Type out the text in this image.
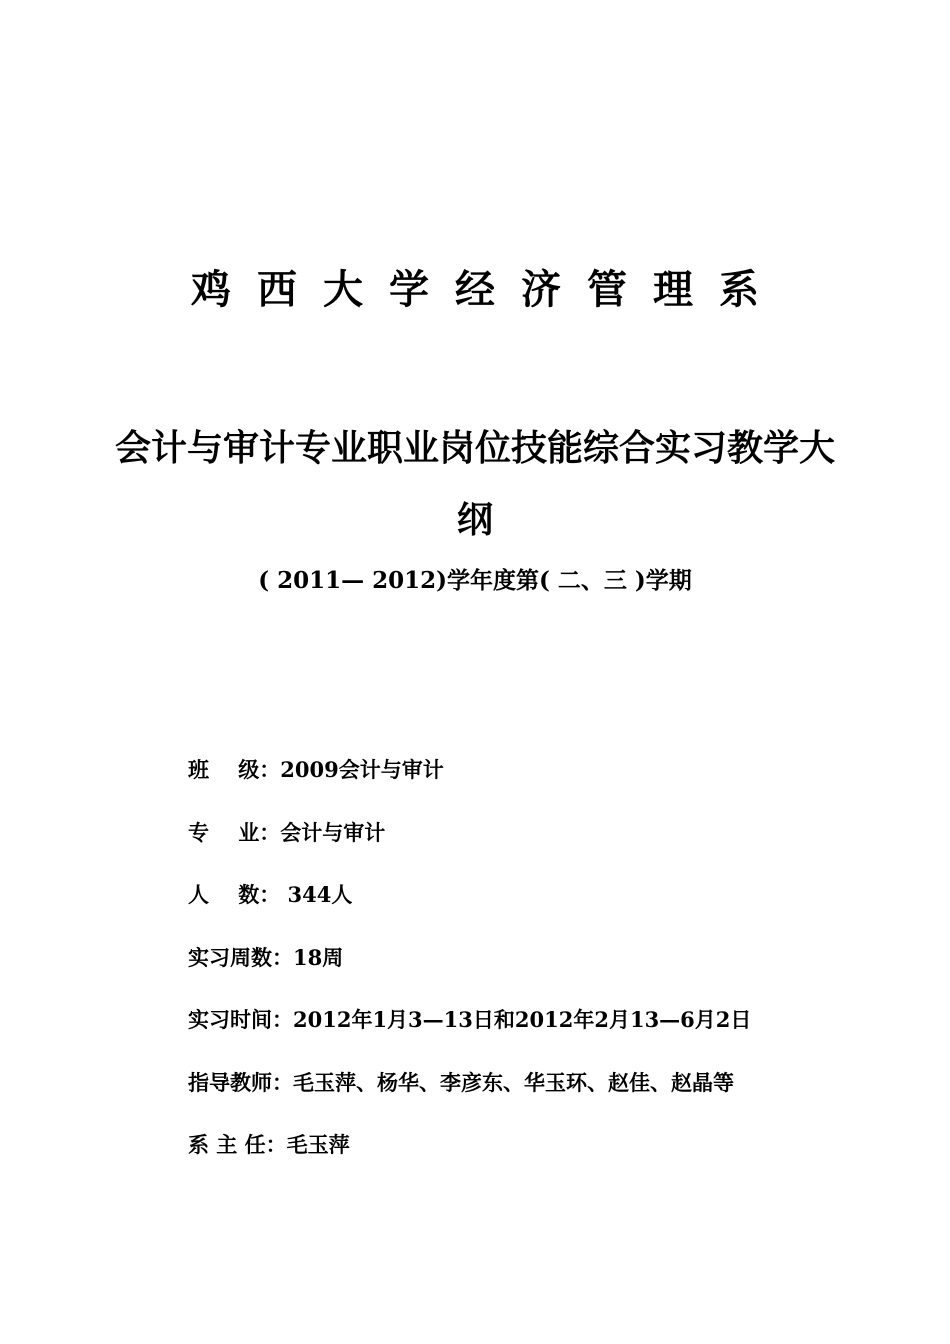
鸡西大学经济管理系
会计与审计专业职业岗位技能综合实习教学大
纲
( 2011— 2012)学年度第( 二、三 )学期
班    级： 2009会计与审计
专    业： 会计与审计
人    数： 344人
实习周数： 18周
实习时间： 2012年1月3—13日和2012年2月13—6月2日
指导教师： 毛玉萍、杨华、李彦东、华玉环、赵佳、赵晶等
系 主 任： 毛玉萍
